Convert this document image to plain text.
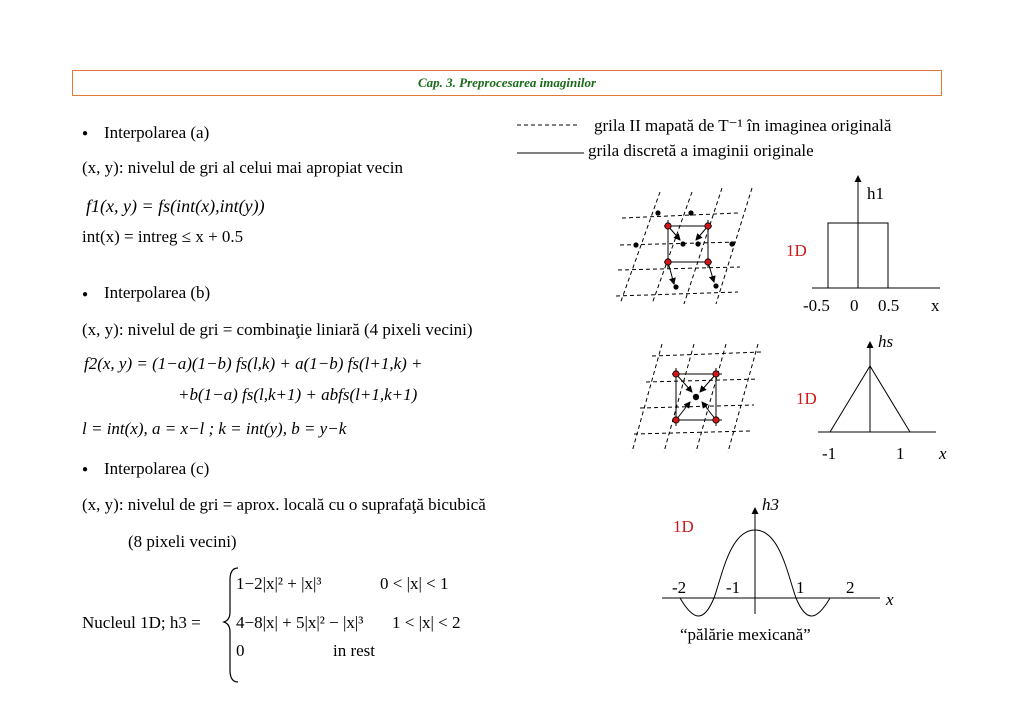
Cap. 3. Preprocesarea imaginilor
grila II mapată de T⁻¹ în imaginea originală
grila discretă a imaginii originale
● Interpolarea (a)
(x, y): nivelul de gri al celui mai apropiat vecin
f1(x, y) = fs(int(x),int(y))
int(x) = intreg ≤ x + 0.5
● Interpolarea (b)
(x, y): nivelul de gri = combinaţie liniară (4 pixeli vecini)
f2(x, y) = (1−a)(1−b) fs(l,k) + a(1−b) fs(l+1,k) +
+b(1−a) fs(l,k+1) + abfs(l+1,k+1)
l = int(x), a = x−l ; k = int(y), b = y−k
● Interpolarea (c)
(x, y): nivelul de gri = aprox. locală cu o suprafaţă bicubică
(8 pixeli vecini)
Nucleul 1D; h3 =
1−2|x|² + |x|³	0 < |x| < 1
4−8|x| + 5|x|² − |x|³ 1 < |x| < 2
0	in rest
h1
1D
-0.5 0 0.5 x
hs
1D
-1	1 x
h3
1D
-2 -1	1 2
x
“pălărie mexicană”
